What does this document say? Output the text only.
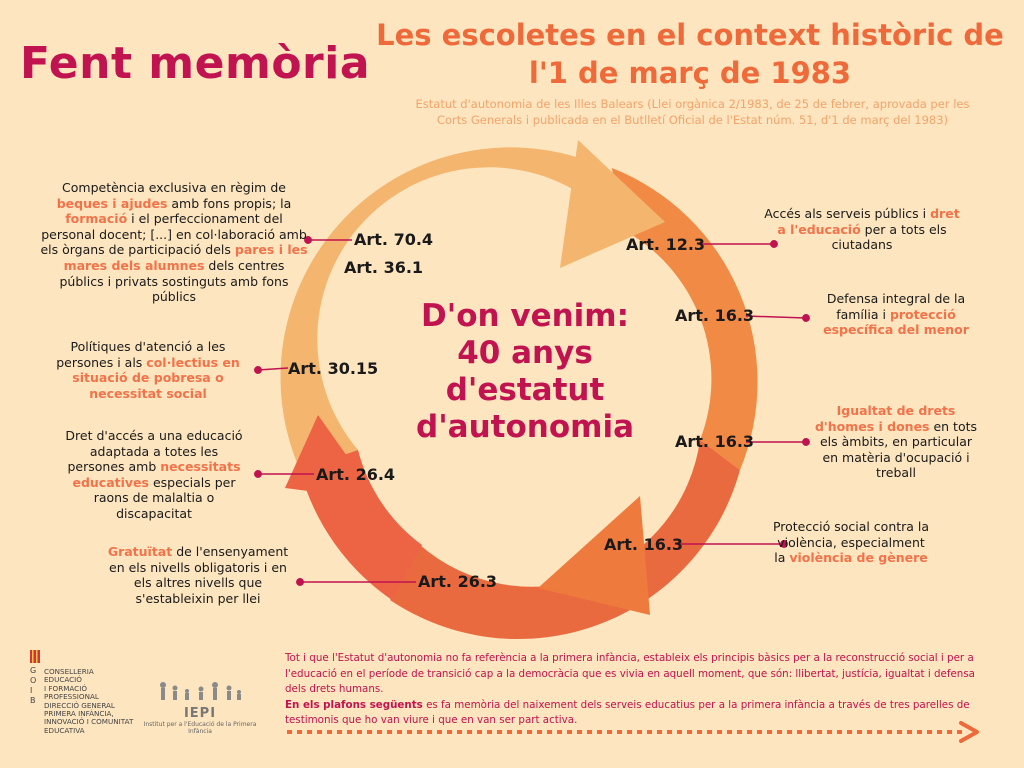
Fent memòria
Les escoletes en el context històric de
l'1 de març de 1983
Estatut d'autonomia de les Illes Balears (Llei orgànica 2/1983, de 25 de febrer, aprovada per les
Corts Generals i publicada en el Butlletí Oficial de l'Estat núm. 51, d'1 de març del 1983)
D'on venim:
40 anys
d'estatut
d'autonomia
Art. 70.4
Art. 36.1
Art. 30.15
Art. 26.4
Art. 26.3
Art. 12.3
Art. 16.3
Art. 16.3
Art. 16.3
Competència exclusiva en règim de
beques i ajudes amb fons propis; la
formació i el perfeccionament del personal docent; [...] en col·laboració amb els òrgans de participació dels pares i les mares dels alumnes dels centres públics i privats sostinguts amb fons públics
Polítiques d'atenció a les persones i als col·lectius en situació de pobresa o necessitat social
Dret d'accés a una educació adaptada a totes les persones amb necessitats educatives especials per raons de malaltia o discapacitat
Gratuïtat de l'ensenyament en els nivells obligatoris i en els altres nivells que s'estableixin per llei
Accés als serveis públics i dret a l'educació per a tots els ciutadans
Defensa integral de la família i protecció específica del menor
Igualtat de drets d'homes i dones en tots els àmbits, en particular en matèria d'ocupació i treball
Protecció social contra la violència, especialment la violència de gènere
Tot i que l'Estatut d'autonomia no fa referència a la primera infància, estableix els principis bàsics per a la reconstrucció social i per a l'educació en el període de transició cap a la democràcia que es vivia en aquell moment, que són: llibertat, justícia, igualtat i defensa dels drets humans.
En els plafons següents es fa memòria del naixement dels serveis educatius per a la primera infància a través de tres parelles de testimonis que ho van viure i que en van ser part activa.
G O I B
CONSELLERIA
EDUCACIÓ
I FORMACIÓ
PROFESSIONAL
DIRECCIÓ GENERAL
PRIMERA INFÀNCIA,
INNOVACIÓ I COMUNITAT
EDUCATIVA
IEPI
Institut per a l'Educació de la Primera Infància
